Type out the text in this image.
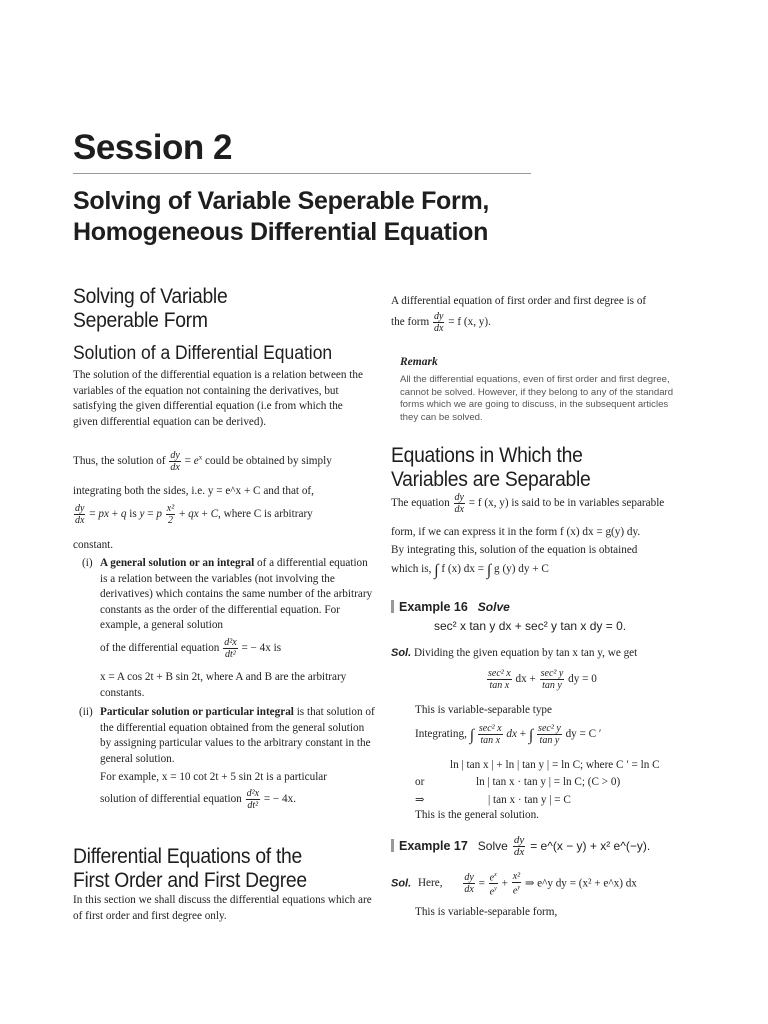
Session 2
Solving of Variable Seperable Form, Homogeneous Differential Equation
Solving of Variable Seperable Form
Solution of a Differential Equation
The solution of the differential equation is a relation between the variables of the equation not containing the derivatives, but satisfying the given differential equation (i.e from which the given differential equation can be derived).
Thus, the solution of $\frac{dy}{dx} = e^x$ could be obtained by simply
integrating both the sides, i.e. y = e^x + C and that of,
$\frac{dy}{dx}$ = px + q is y = p $\frac{\text{x²}}{2}$ + qx + C, where C is arbitrary
constant.
(i) A general solution or an integral of a differential equation is a relation between the variables (not involving the derivatives) which contains the same number of the arbitrary constants as the order of the differential equation. For example, a general solution
of the differential equation $\frac{\text{d²x}}{\text{dt²}}$ = − 4x is
x = A cos 2t + B sin 2t, where A and B are the arbitrary constants.
(ii) Particular solution or particular integral is that solution of the differential equation obtained from the general solution by assigning particular values to the arbitrary constant in the general solution.
For example, x = 10 cot 2t + 5 sin 2t is a particular
solution of differential equation $\frac{\text{d²x}}{\text{dt²}}$ = − 4x.
Differential Equations of the First Order and First Degree
In this section we shall discuss the differential equations which are of first order and first degree only.
A differential equation of first order and first degree is of
the form $\frac{dy}{dx} = f$ (x, y).
Remark
All the differential equations, even of first order and first degree, cannot be solved. However, if they belong to any of the standard forms which we are going to discuss, in the subsequent articles they can be solved.
Equations in Which the Variables are Separable
The equation $\frac{dy}{dx} = f$ (x, y) is said to be in variables separable
form, if we can express it in the form f (x) dx = g(y) dy.
By integrating this, solution of the equation is obtained
which is, ∫ f (x) dx = ∫ g (y) dy + C
Example 16 Solve
sec² x tan y dx + sec² y tan x dy = 0.
Sol. Dividing the given equation by tan x tan y, we get
$\frac{\text{sec² x}}{\text{tan x}}$ dx + $\frac{\text{sec² y}}{\text{tan y}}$ dy = 0
This is variable-separable type
Integrating, ∫ $\frac{\text{sec² x}}{\text{tan x}}$ dx + ∫ $\frac{\text{sec² y}}{\text{tan y}}$ dy = C ′
ln | tan x | + ln | tan y | = ln C; where C ′ = ln C
or	ln | tan x · tan y | = ln C; (C > 0)
⇒	| tan x · tan y | = C
This is the general solution.
Example 17 Solve $\frac{dy}{dx}$ = e^(x − y) + x² e^(−y).
Sol. Here, $\frac{dy}{dx} = \frac{e^x}{e^y} + \frac{\text{x²}}{e^y}$ ⇒ e^y dy = (x² + e^x) dx
This is variable-separable form,
